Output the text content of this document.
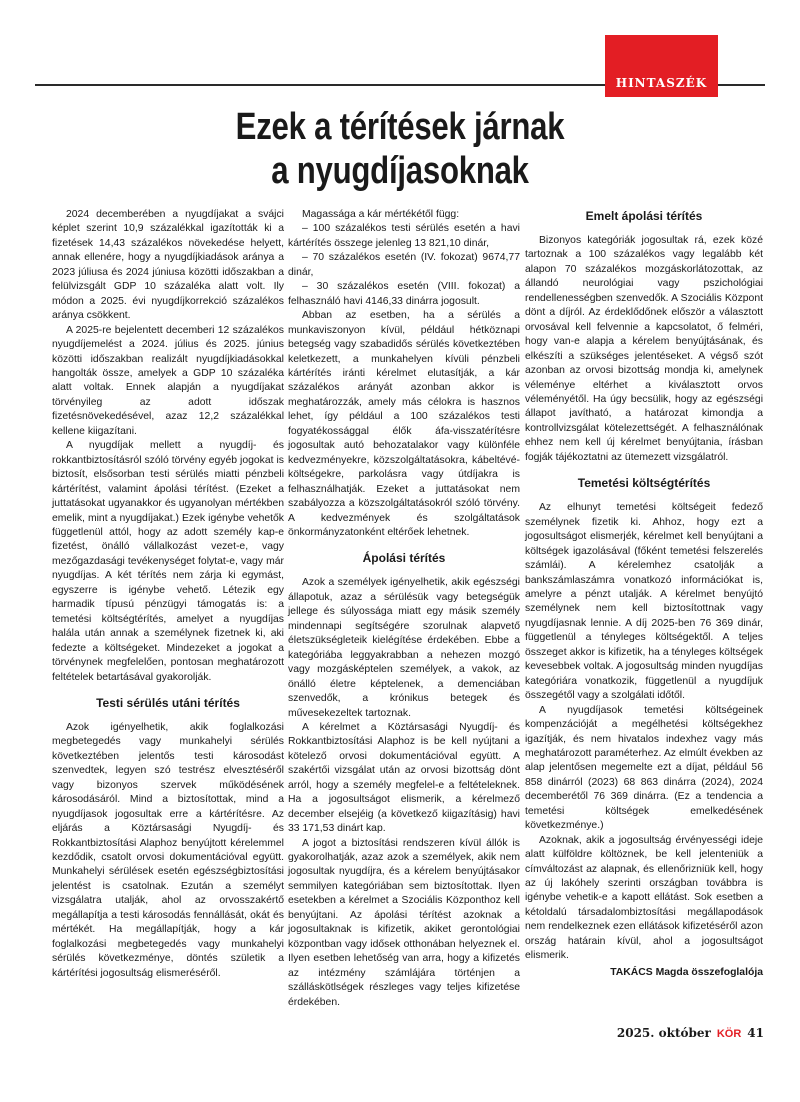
HINTASZÉK
Ezek a térítések járnak
a nyugdíjasoknak

2024 decemberében a nyugdíjakat a svájci képlet szerint 10,9 százalékkal igazították ki a fizetések 14,43 százalékos növekedése helyett, annak ellenére, hogy a nyugdíjkiadások aránya a 2023 júliusa és 2024 júniusa közötti időszakban a felülvizsgált GDP 10 százaléka alatt volt. Ily módon a 2025. évi nyugdíjkorrekció százalékos aránya csökkent.

A 2025-re bejelentett decemberi 12 százalékos nyugdíjemelést a 2024. július és 2025. június közötti időszakban realizált nyugdíjkiadásokkal hangolták össze, amelyek a GDP 10 százaléka alatt voltak. Ennek alapján a nyugdíjakat törvényileg az adott időszak fizetésnövekedésével, azaz 12,2 százalékkal kellene kiigazítani.

A nyugdíjak mellett a nyugdíj- és rokkantbiztosításról szóló törvény egyéb jogokat is biztosít, elsősorban testi sérülés miatti pénzbeli kártérítést, valamint ápolási térítést. (Ezeket a juttatásokat ugyanakkor és ugyanolyan mértékben emelik, mint a nyugdíjakat.) Ezek igénybe vehetők függetlenül attól, hogy az adott személy kap-e fizetést, önálló vállalkozást vezet-e, vagy mezőgazdasági tevékenységet folytat-e, vagy már nyugdíjas. A két térítés nem zárja ki egymást, egyszerre is igénybe vehető. Létezik egy harmadik típusú pénzügyi támogatás is: a temetési költségtérítés, amelyet a nyugdíjas halála után annak a személynek fizetnek ki, aki fedezte a költségeket. Mindezeket a jogokat a törvénynek megfelelően, pontosan meghatározott feltételek betartásával gyakorolják.

Testi sérülés utáni térítés

Azok igényelhetik, akik foglalkozási megbetegedés vagy munkahelyi sérülés következtében jelentős testi károsodást szenvedtek, legyen szó testrész elvesztéséről vagy bizonyos szervek működésének károsodásáról. Mind a biztosítottak, mind a nyugdíjasok jogosultak erre a kártérítésre. Az eljárás a Köztársasági Nyugdíj- és Rokkantbiztosítási Alaphoz benyújtott kérelemmel kezdődik, csatolt orvosi dokumentációval együtt. Munkahelyi sérülések esetén egészségbiztosítási jelentést is csatolnak. Ezután a személyt vizsgálatra utalják, ahol az orvosszakértő megállapítja a testi károsodás fennállását, okát és mértékét. Ha megállapítják, hogy a kár foglalkozási megbetegedés vagy munkahelyi sérülés következménye, döntés születik a kártérítési jogosultság elismeréséről.

Magassága a kár mértékétől függ:

– 100 százalékos testi sérülés esetén a havi kártérítés összege jelenleg 13 821,10 dinár,

– 70 százalékos esetén (IV. fokozat) 9674,77 dinár,

– 30 százalékos esetén (VIII. fokozat) a felhasználó havi 4146,33 dinárra jogosult.

Abban az esetben, ha a sérülés a munkaviszonyon kívül, például hétköznapi betegség vagy szabadidős sérülés következtében keletkezett, a munkahelyen kívüli pénzbeli kártérítés iránti kérelmet elutasítják, a kár százalékos arányát azonban akkor is meghatározzák, amely más célokra is hasznos lehet, így például a 100 százalékos testi fogyatékossággal élők áfa-visszatérítésre jogosultak autó behozatalakor vagy különféle kedvezményekre, közszolgáltatásokra, kábeltévé-költségekre, parkolásra vagy útdíjakra is felhasználhatják. Ezeket a juttatásokat nem szabályozza a közszolgáltatásokról szóló törvény. A kedvezmények és szolgáltatások önkormányzatonként eltérőek lehetnek.

Ápolási térítés

Azok a személyek igényelhetik, akik egészségi állapotuk, azaz a sérülésük vagy betegségük jellege és súlyossága miatt egy másik személy mindennapi segítségére szorulnak alapvető életszükségleteik kielégítése érdekében. Ebbe a kategóriába leggyakrabban a nehezen mozgó vagy mozgásképtelen személyek, a vakok, az önálló életre képtelenek, a demenciában szenvedők, a krónikus betegek és művesekezeltek tartoznak.

A kérelmet a Köztársasági Nyugdíj- és Rokkantbiztosítási Alaphoz is be kell nyújtani a kötelező orvosi dokumentációval együtt. A szakértői vizsgálat után az orvosi bizottság dönt arról, hogy a személy megfelel-e a feltételeknek. Ha a jogosultságot elismerik, a kérelmező december elsejéig (a következő kiigazításig) havi 33 171,53 dinárt kap.

A jogot a biztosítási rendszeren kívül állók is gyakorolhatják, azaz azok a személyek, akik nem jogosultak nyugdíjra, és a kérelem benyújtásakor semmilyen kategóriában sem biztosítottak. Ilyen esetekben a kérelmet a Szociális Központhoz kell benyújtani. Az ápolási térítést azoknak a jogosultaknak is kifizetik, akiket gerontológiai központban vagy idősek otthonában helyeznek el. Ilyen esetben lehetőség van arra, hogy a kifizetés az intézmény számlájára történjen a szálláskötlségek részleges vagy teljes kifizetése érdekében.

Emelt ápolási térítés

Bizonyos kategóriák jogosultak rá, ezek közé tartoznak a 100 százalékos vagy legalább két alapon 70 százalékos mozgáskorlátozottak, az állandó neurológiai vagy pszichológiai rendellenességben szenvedők. A Szociális Központ dönt a díjról. Az érdeklődőnek először a választott orvosával kell felvennie a kapcsolatot, ő felméri, hogy van-e alapja a kérelem benyújtásának, és elkészíti a szükséges jelentéseket. A végső szót azonban az orvosi bizottság mondja ki, amelynek véleménye eltérhet a kiválasztott orvos véleményétől. Ha úgy becsülik, hogy az egészségi állapot javítható, a határozat kimondja a kontrollvizsgálat kötelezettségét. A felhasználónak ehhez nem kell új kérelmet benyújtania, írásban fogják tájékoztatni az ütemezett vizsgálatról.

Temetési költségtérítés

Az elhunyt temetési költségeit fedező személynek fizetik ki. Ahhoz, hogy ezt a jogosultságot elismerjék, kérelmet kell benyújtani a költségek igazolásával (főként temetési felszerelés számlái). A kérelemhez csatolják a bankszámlaszámra vonatkozó információkat is, amelyre a pénzt utalják. A kérelmet benyújtó személynek nem kell biztosítottnak vagy nyugdíjasnak lennie. A díj 2025-ben 76 369 dinár, függetlenül a tényleges költségektől. A teljes összeget akkor is kifizetik, ha a tényleges költségek kevesebbek voltak. A jogosultság minden nyugdíjas kategóriára vonatkozik, függetlenül a nyugdíjuk összegétől vagy a szolgálati időtől.

A nyugdíjasok temetési költségeinek kompenzációját a megélhetési költségekhez igazítják, és nem hivatalos indexhez vagy más meghatározott paraméterhez. Az elmúlt években az alap jelentősen megemelte ezt a díjat, például 56 858 dinárról (2023) 68 863 dinárra (2024), 2024 decemberétől 76 369 dinárra. (Ez a tendencia a temetési költségek emelkedésének következménye.)

Azoknak, akik a jogosultság érvényességi ideje alatt külföldre költöznek, be kell jelenteniük a címváltozást az alapnak, és ellenőrizniük kell, hogy az új lakóhely szerinti országban továbbra is igénybe vehetik-e a kapott ellátást. Sok esetben a kétoldalú társadalombiztosítási megállapodások nem rendelkeznek ezen ellátások kifizetéséről azon ország határain kívül, ahol a jogosultságot elismerik.

TAKÁCS Magda összefoglalója
2025. október KÖR 41
